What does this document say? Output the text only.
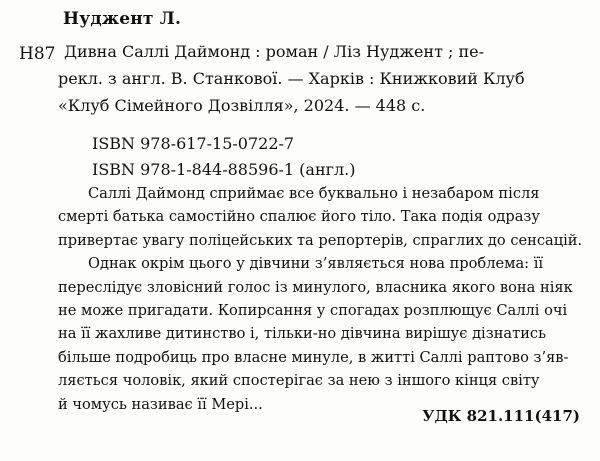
Нуджент Л.
Н87 Дивна Саллі Даймонд : роман / Ліз Нуджент ; пе-
рекл. з англ. В. Станкової. — Харків : Книжковий Клуб
«Клуб Сімейного Дозвілля», 2024. — 448 с.
ISBN 978-617-15-0722-7
ISBN 978-1-844-88596-1 (англ.)
Саллі Даймонд сприймає все буквально і незабаром після
смерті батька самостійно спалює його тіло. Така подія одразу
привертає увагу поліцейських та репортерів, спраглих до сенсацій.
Однак окрім цього у дівчини з’являється нова проблема: її
переслідує зловісний голос із минулого, власника якого вона ніяк
не може пригадати. Копирсання у спогадах розплющує Саллі очі
на її жахливе дитинство і, тільки-но дівчина вирішує дізнатись
більше подробиць про власне минуле, в житті Саллі раптово з’яв-
ляється чоловік, який спостерігає за нею з іншого кінця світу
й чомусь називає її Мері...
УДК 821.111(417)
